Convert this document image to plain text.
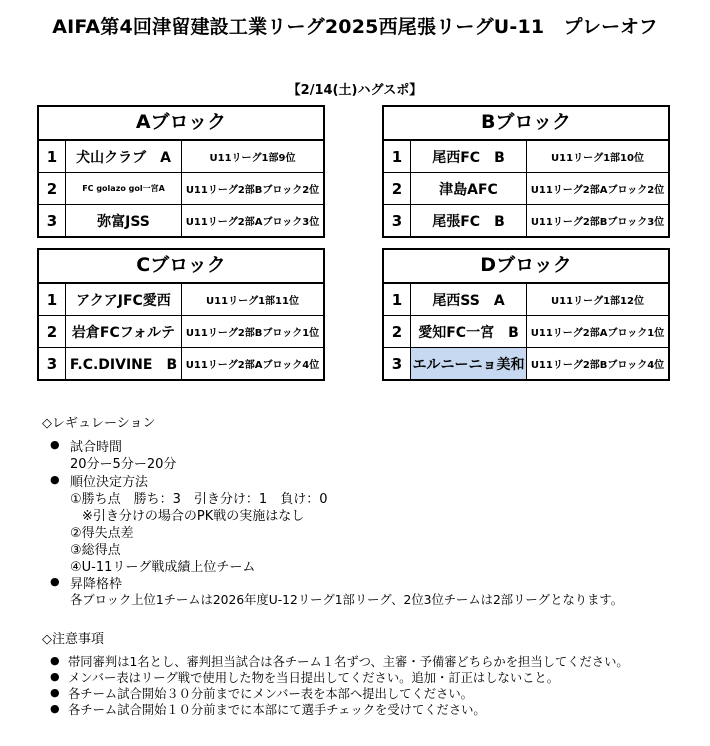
AIFA第4回津留建設工業リーグ2025西尾張リーグU-11　プレーオフ
【2/14(土)ハグスポ】
Aブロック
1	犬山クラブ　A	U11リーグ1部9位
2	FC golazo gol一宮A	U11リーグ2部Bブロック2位
3	弥富JSS	U11リーグ2部Aブロック3位
Bブロック
1	尾西FC　B	U11リーグ1部10位
2	津島AFC	U11リーグ2部Aブロック2位
3	尾張FC　B	U11リーグ2部Bブロック3位
Cブロック
1	アクアJFC愛西	U11リーグ1部11位
2	岩倉FCフォルテ	U11リーグ2部Bブロック1位
3 F.C.DIVINE　B U11リーグ2部Aブロック4位
Dブロック
1	尾西SS　A	U11リーグ1部12位
2	愛知FC一宮　B	U11リーグ2部Aブロック1位
3 エルニーニョ美和 U11リーグ2部Bブロック4位
◇レギュレーション
● 試合時間
20分ー5分ー20分
● 順位決定方法
①勝ち点　勝ち：3　引き分け：1　負け：0
※引き分けの場合のPK戦の実施はなし
②得失点差
③総得点
④U-11リーグ戦成績上位チーム
● 昇降格枠
各ブロック上位1チームは2026年度U-12リーグ1部リーグ、2位3位チームは2部リーグとなります。
◇注意事項
● 帯同審判は1名とし、審判担当試合は各チーム１名ずつ、主審・予備審どちらかを担当してください。
● メンバー表はリーグ戦で使用した物を当日提出してください。追加・訂正はしないこと。
● 各チーム試合開始３０分前までにメンバー表を本部へ提出してください。
● 各チーム試合開始１０分前までに本部にて選手チェックを受けてください。
